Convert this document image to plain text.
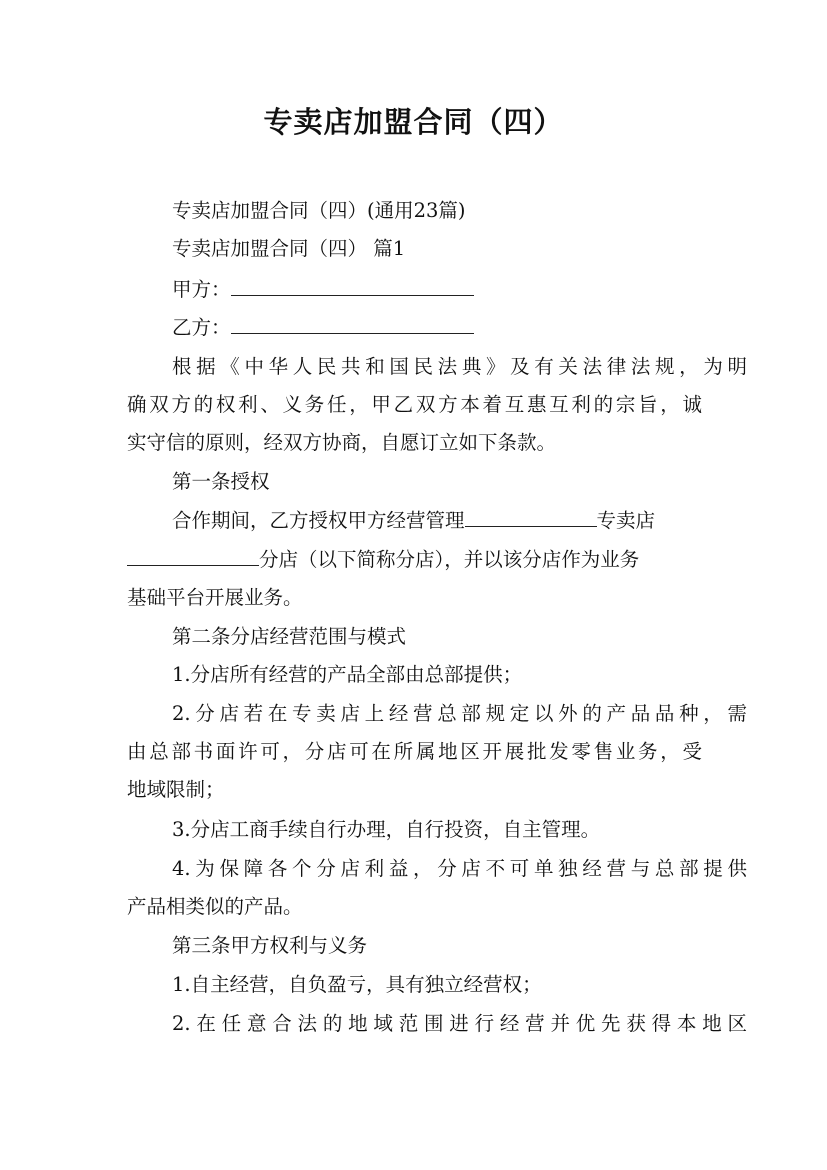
专卖店加盟合同（四）
专卖店加盟合同（四）(通用23篇)
专卖店加盟合同（四） 篇1
甲方：
乙方：
根据《中华人民共和国民法典》及有关法律法规，为明
确双方的权利、义务任，甲乙双方本着互惠互利的宗旨，诚
实守信的原则，经双方协商，自愿订立如下条款。
第一条授权
合作期间，乙方授权甲方经营管理	专卖店
分店（以下简称分店），并以该分店作为业务
基础平台开展业务。
第二条分店经营范围与模式
1.分店所有经营的产品全部由总部提供；
2.分店若在专卖店上经营总部规定以外的产品品种，需
由总部书面许可，分店可在所属地区开展批发零售业务，受
地域限制；
3.分店工商手续自行办理，自行投资，自主管理。
4.为保障各个分店利益，分店不可单独经营与总部提供
产品相类似的产品。
第三条甲方权利与义务
1.自主经营，自负盈亏，具有独立经营权；
2.在任意合法的地域范围进行经营并优先获得本地区
